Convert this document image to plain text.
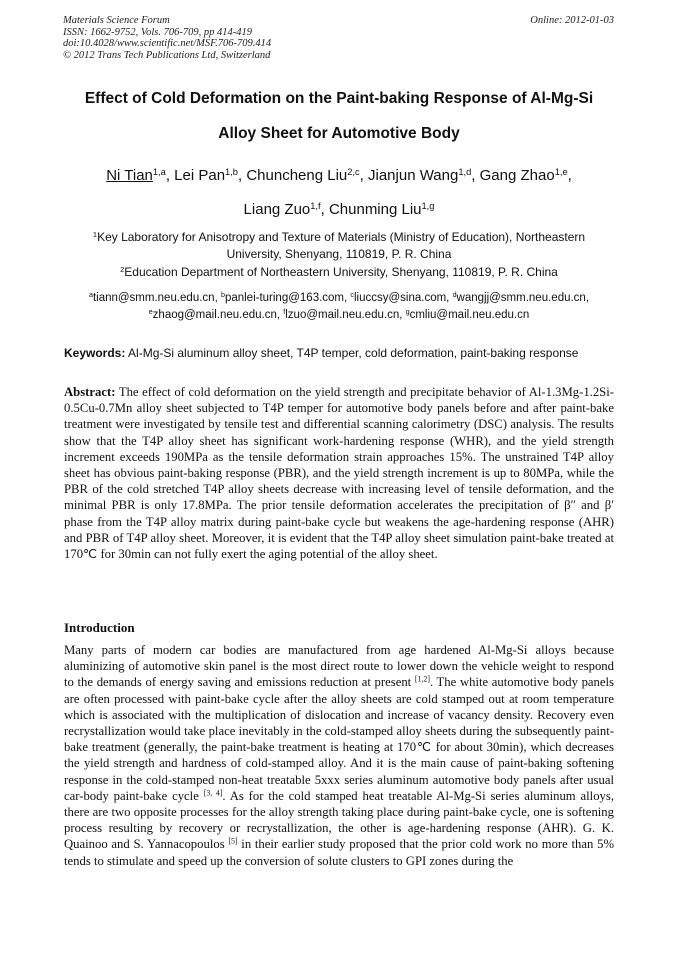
Materials Science Forum
ISSN: 1662-9752, Vols. 706-709, pp 414-419
doi:10.4028/www.scientific.net/MSF.706-709.414
© 2012 Trans Tech Publications Ltd, Switzerland
Online: 2012-01-03
Effect of Cold Deformation on the Paint-baking Response of Al-Mg-Si
Alloy Sheet for Automotive Body
Ni Tian$^{1,a}$, Lei Pan$^{1,b}$, Chuncheng Liu$^{2,c}$, Jianjun Wang$^{1,d}$, Gang Zhao$^{1,e}$,
Liang Zuo$^{1,f}$, Chunming Liu$^{1,g}$
$^1$Key Laboratory for Anisotropy and Texture of Materials (Ministry of Education), Northeastern
University, Shenyang, 110819, P. R. China
$^2$Education Department of Northeastern University, Shenyang, 110819, P. R. China
$^a$tiann@smm.neu.edu.cn, $^b$panlei-turing@163.com, $^c$liuccsy@sina.com, $^d$wangjj@smm.neu.edu.cn,
$^e$zhaog@mail.neu.edu.cn, $^f$lzuo@mail.neu.edu.cn, $^g$cmliu@mail.neu.edu.cn
Keywords: Al-Mg-Si aluminum alloy sheet, T4P temper, cold deformation, paint-baking response
Abstract: The effect of cold deformation on the yield strength and precipitate behavior of Al-1.3Mg-1.2Si-0.5Cu-0.7Mn alloy sheet subjected to T4P temper for automotive body panels before and after paint-bake treatment were investigated by tensile test and differential scanning calorimetry (DSC) analysis. The results show that the T4P alloy sheet has significant work-hardening response (WHR), and the yield strength increment exceeds 190MPa as the tensile deformation strain approaches 15%. The unstrained T4P alloy sheet has obvious paint-baking response (PBR), and the yield strength increment is up to 80MPa, while the PBR of the cold stretched T4P alloy sheets decrease with increasing level of tensile deformation, and the minimal PBR is only 17.8MPa. The prior tensile deformation accelerates the precipitation of β″ and β′ phase from the T4P alloy matrix during paint-bake cycle but weakens the age-hardening response (AHR) and PBR of T4P alloy sheet. Moreover, it is evident that the T4P alloy sheet simulation paint-bake treated at 170℃ for 30min can not fully exert the aging potential of the alloy sheet.
Introduction
Many parts of modern car bodies are manufactured from age hardened Al-Mg-Si alloys because aluminizing of automotive skin panel is the most direct route to lower down the vehicle weight to respond to the demands of energy saving and emissions reduction at present [1,2]. The white automotive body panels are often processed with paint-bake cycle after the alloy sheets are cold stamped out at room temperature which is associated with the multiplication of dislocation and increase of vacancy density. Recovery even recrystallization would take place inevitably in the cold-stamped alloy sheets during the subsequently paint-bake treatment (generally, the paint-bake treatment is heating at 170℃ for about 30min), which decreases the yield strength and hardness of cold-stamped alloy. And it is the main cause of paint-baking softening response in the cold-stamped non-heat treatable 5xxx series aluminum automotive body panels after usual car-body paint-bake cycle [3, 4]. As for the cold stamped heat treatable Al-Mg-Si series aluminum alloys, there are two opposite processes for the alloy strength taking place during paint-bake cycle, one is softening process resulting by recovery or recrystallization, the other is age-hardening response (AHR). G. K. Quainoo and S. Yannacopoulos [5] in their earlier study proposed that the prior cold work no more than 5% tends to stimulate and speed up the conversion of solute clusters to GPI zones during the
